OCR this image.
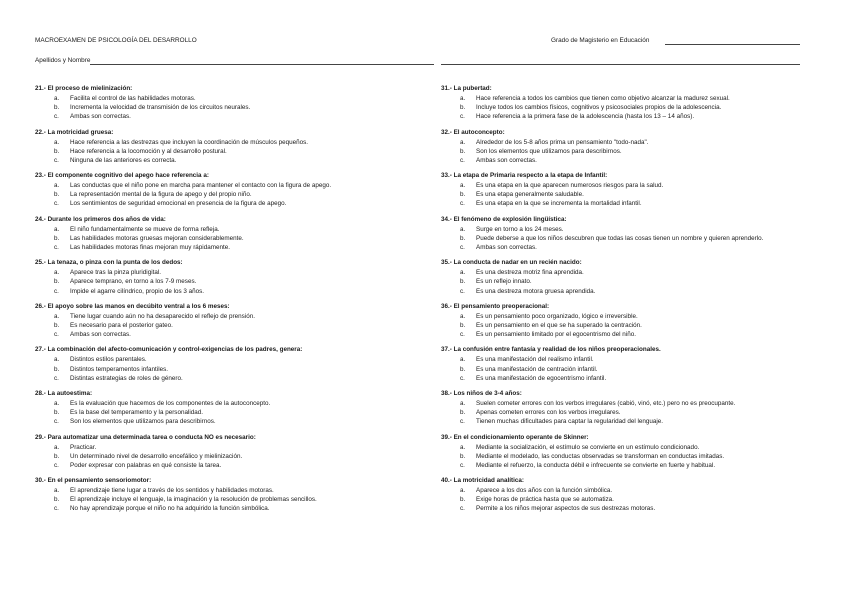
MACROEXAMEN DE PSICOLOGÍA DEL DESARROLLO	Grado de Magisterio en Educación
Apellidos y Nombre
21.- El proceso de mielinización:
a. Facilita el control de las habilidades motoras.
b. Incrementa la velocidad de transmisión de los circuitos neurales.
c. Ambas son correctas.
22.- La motricidad gruesa:
a. Hace referencia a las destrezas que incluyen la coordinación de músculos pequeños.
b. Hace referencia a la locomoción y al desarrollo postural.
c. Ninguna de las anteriores es correcta.
23.- El componente cognitivo del apego hace referencia a:
a. Las conductas que el niño pone en marcha para mantener el contacto con la figura de apego.
b. La representación mental de la figura de apego y del propio niño.
c. Los sentimientos de seguridad emocional en presencia de la figura de apego.
24.- Durante los primeros dos años de vida:
a. El niño fundamentalmente se mueve de forma refleja.
b. Las habilidades motoras gruesas mejoran considerablemente.
c. Las habilidades motoras finas mejoran muy rápidamente.
25.- La tenaza, o pinza con la punta de los dedos:
a. Aparece tras la pinza pluridigital.
b. Aparece temprano, en torno a los 7-9 meses.
c. Impide el agarre cilíndrico, propio de los 3 años.
26.- El apoyo sobre las manos en decúbito ventral a los 6 meses:
a. Tiene lugar cuando aún no ha desaparecido el reflejo de prensión.
b. Es necesario para el posterior gateo.
c. Ambas son correctas.
27.- La combinación del afecto-comunicación y control-exigencias de los padres, genera:
a. Distintos estilos parentales.
b. Distintos temperamentos infantiles.
c. Distintas estrategias de roles de género.
28.- La autoestima:
a. Es la evaluación que hacemos de los componentes de la autoconcepto.
b. Es la base del temperamento y la personalidad.
c. Son los elementos que utilizamos para describirnos.
29.- Para automatizar una determinada tarea o conducta NO es necesario:
a. Practicar.
b. Un determinado nivel de desarrollo encefálico y mielinización.
c. Poder expresar con palabras en qué consiste la tarea.
30.- En el pensamiento sensoriomotor:
a. El aprendizaje tiene lugar a través de los sentidos y habilidades motoras.
b. El aprendizaje incluye el lenguaje, la imaginación y la resolución de problemas sencillos.
c. No hay aprendizaje porque el niño no ha adquirido la función simbólica.
31.- La pubertad:
a. Hace referencia a todos los cambios que tienen como objetivo alcanzar la madurez sexual.
b. Incluye todos los cambios físicos, cognitivos y psicosociales propios de la adolescencia.
c. Hace referencia a la primera fase de la adolescencia (hasta los 13 – 14 años).
32.- El autoconcepto:
a. Alrededor de los 5-8 años prima un pensamiento "todo-nada".
b. Son los elementos que utilizamos para describirnos.
c. Ambas son correctas.
33.- La etapa de Primaria respecto a la etapa de Infantil:
a. Es una etapa en la que aparecen numerosos riesgos para la salud.
b. Es una etapa generalmente saludable.
c. Es una etapa en la que se incrementa la mortalidad infantil.
34.- El fenómeno de explosión lingüística:
a. Surge en torno a los 24 meses.
b. Puede deberse a que los niños descubren que todas las cosas tienen un nombre y quieren aprenderlo.
c. Ambas son correctas.
35.- La conducta de nadar en un recién nacido:
a. Es una destreza motriz fina aprendida.
b. Es un reflejo innato.
c. Es una destreza motora gruesa aprendida.
36.- El pensamiento preoperacional:
a. Es un pensamiento poco organizado, lógico e irreversible.
b. Es un pensamiento en el que se ha superado la centración.
c. Es un pensamiento limitado por el egocentrismo del niño.
37.- La confusión entre fantasía y realidad de los niños preoperacionales.
a. Es una manifestación del realismo infantil.
b. Es una manifestación de centración infantil.
c. Es una manifestación de egocentrismo infantil.
38.- Los niños de 3-4 años:
a. Suelen cometer errores con los verbos irregulares (cabió, vinó, etc.) pero no es preocupante.
b. Apenas cometen errores con los verbos irregulares.
c. Tienen muchas dificultades para captar la regularidad del lenguaje.
39.- En el condicionamiento operante de Skinner:
a. Mediante la socialización, el estímulo se convierte en un estímulo condicionado.
b. Mediante el modelado, las conductas observadas se transforman en conductas imitadas.
c. Mediante el refuerzo, la conducta débil e infrecuente se convierte en fuerte y habitual.
40.- La motricidad analítica:
a. Aparece a los dos años con la función simbólica.
b. Exige horas de práctica hasta que se automatiza.
c. Permite a los niños mejorar aspectos de sus destrezas motoras.
